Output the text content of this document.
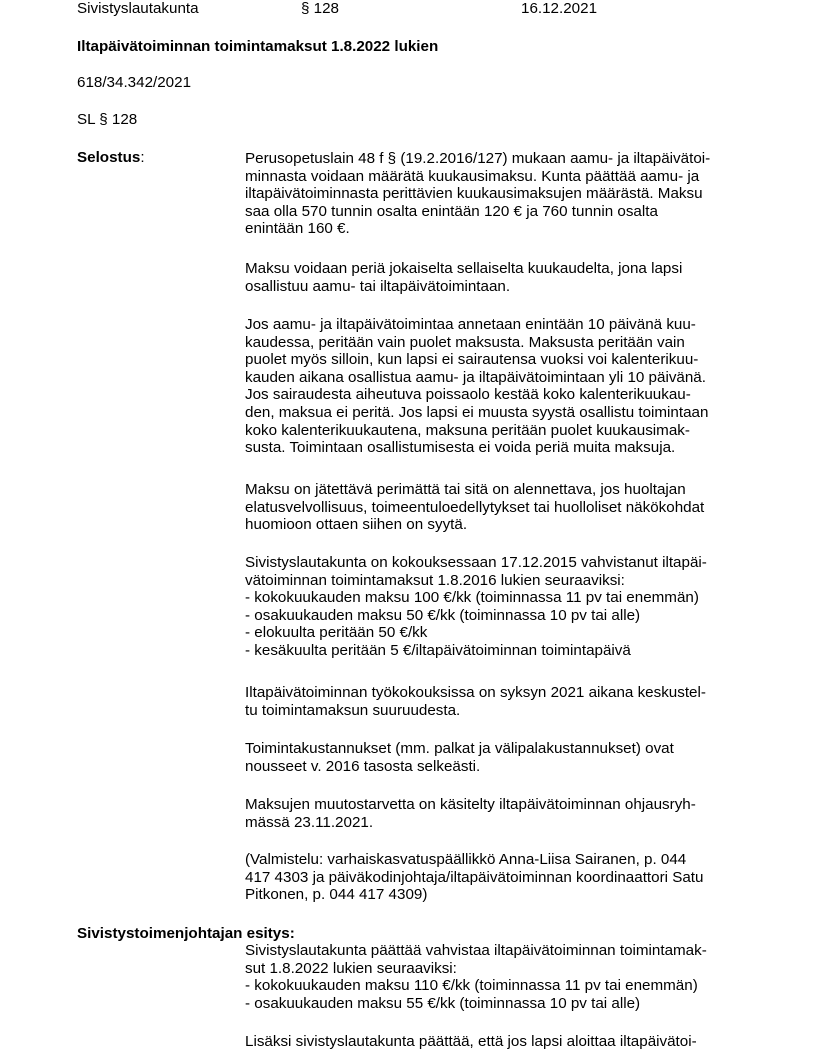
Sivistyslautakunta	§ 128	16.12.2021
Iltapäivätoiminnan toimintamaksut 1.8.2022 lukien
618/34.342/2021
SL § 128
Selostus:	Perusopetuslain 48 f § (19.2.2016/127) mukaan aamu- ja iltapäivätoi-
minnasta voidaan määrätä kuukausimaksu. Kunta päättää aamu- ja
iltapäivätoiminnasta perittävien kuukausimaksujen määrästä. Maksu
saa olla 570 tunnin osalta enintään 120 € ja 760 tunnin osalta
enintään 160 €.
Maksu voidaan periä jokaiselta sellaiselta kuukaudelta, jona lapsi
osallistuu aamu- tai iltapäivätoimintaan.
Jos aamu- ja iltapäivätoimintaa annetaan enintään 10 päivänä kuu-
kaudessa, peritään vain puolet maksusta. Maksusta peritään vain
puolet myös silloin, kun lapsi ei sairautensa vuoksi voi kalenterikuu-
kauden aikana osallistua aamu- ja iltapäivätoimintaan yli 10 päivänä.
Jos sairaudesta aiheutuva poissaolo kestää koko kalenterikuukau-
den, maksua ei peritä. Jos lapsi ei muusta syystä osallistu toimintaan
koko kalenterikuukautena, maksuna peritään puolet kuukausimak-
susta. Toimintaan osallistumisesta ei voida periä muita maksuja.
Maksu on jätettävä perimättä tai sitä on alennettava, jos huoltajan
elatusvelvollisuus, toimeentuloedellytykset tai huolloliset näkökohdat
huomioon ottaen siihen on syytä.
Sivistyslautakunta on kokouksessaan 17.12.2015 vahvistanut iltapäi-
vätoiminnan toimintamaksut 1.8.2016 lukien seuraaviksi:
- kokokuukauden maksu 100 €/kk (toiminnassa 11 pv tai enemmän)
- osakuukauden maksu 50 €/kk (toiminnassa 10 pv tai alle)
- elokuulta peritään 50 €/kk
- kesäkuulta peritään 5 €/iltapäivätoiminnan toimintapäivä
Iltapäivätoiminnan työkokouksissa on syksyn 2021 aikana keskustel-
tu toimintamaksun suuruudesta.
Toimintakustannukset (mm. palkat ja välipalakustannukset) ovat
nousseet v. 2016 tasosta selkeästi.
Maksujen muutostarvetta on käsitelty iltapäivätoiminnan ohjausryh-
mässä 23.11.2021.
(Valmistelu: varhaiskasvatuspäällikkö Anna-Liisa Sairanen, p. 044
417 4303 ja päiväkodinjohtaja/iltapäivätoiminnan koordinaattori Satu
Pitkonen, p. 044 417 4309)
Sivistystoimenjohtajan esitys:
Sivistyslautakunta päättää vahvistaa iltapäivätoiminnan toimintamak-
sut 1.8.2022 lukien seuraaviksi:
- kokokuukauden maksu 110 €/kk (toiminnassa 11 pv tai enemmän)
- osakuukauden maksu 55 €/kk (toiminnassa 10 pv tai alle)
Lisäksi sivistyslautakunta päättää, että jos lapsi aloittaa iltapäivätoi-
